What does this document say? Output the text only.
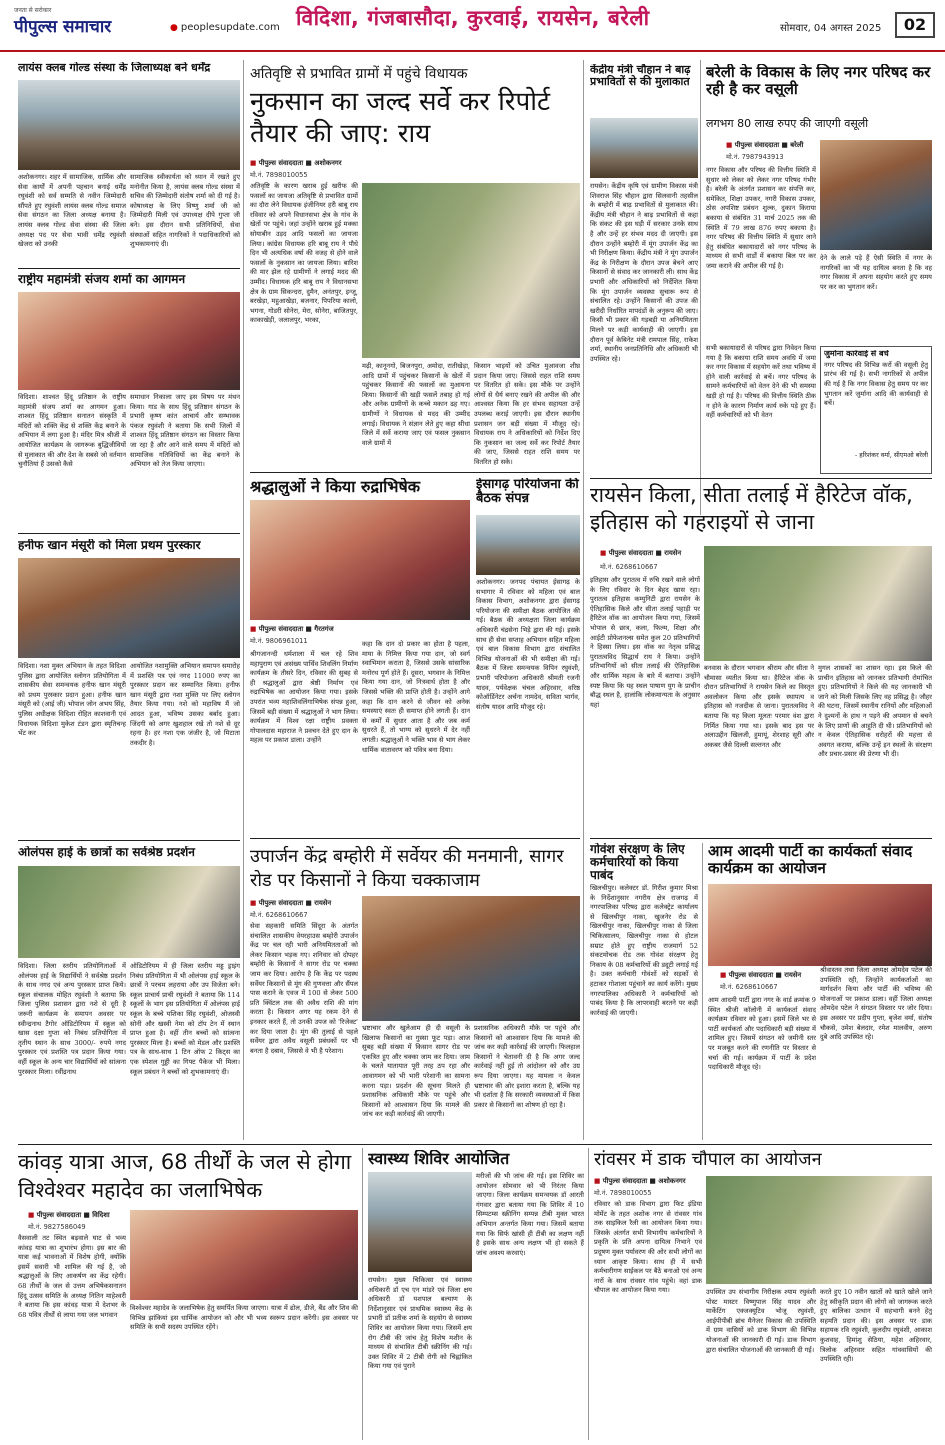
जनता से सरोकार
पीपुल्स समाचार
●	peoplesupdate.com विदिशा, गंजबासौदा, कुरवाई, रायसेन, बरेली	सोमवार, 04 अगस्त 2025	02
लायंस क्लब गोल्ड संस्था के जिलाध्यक्ष बने धर्मेंद्र
अशोकनगर। शहर में सामाजिक, धार्मिक और सेवा कार्यों में अपनी पहचान बनाई धर्मेंद्र रघुवंशी को सर्व सम्मति से नवीन जिम्मेदारी सौंपते हुए रघुवंशी लायंस क्लब गोल्ड समाज सेवा संगठन का जिला अध्यक्ष बनाया है। लायंस क्लब गोल्ड सेवा संस्था की जिला अध्यक्ष पद पर सेवा भावी धर्मेंद्र रघुवंशी खेजरा को उनकी
सामाजिक स्वीकार्यता को ध्यान में रखते हुए मनोनीत किया है, लायंस क्लब गोल्ड संस्था में सचिव की जिम्मेदारी संतोष शर्मा को दी गई है। कोषाध्यक्ष के लिए विष्णु शर्मा जी को जिम्मेदारी मिली एवं उपाध्यक्ष दीपे गुप्ता जी बने। इस दौरान सभी प्रतिनिधियों, सेवा संस्थाओं सहित नागरिकों ने पदाधिकारियों को शुभकामनाएं दी।
राष्ट्रीय महामंत्री संजय शर्मा का आगमन
विदिशा। शाश्वत हिंदू प्रतिष्ठान के राष्ट्रीय महामंत्री संजय शर्मा का आगमन हुआ। शाश्वत हिंदू प्रतिष्ठान सनातन संस्कृति में मंदिरों को शक्ति केंद्र से शक्ति केंद्र बनाने के अभियान में लगा हुआ है। मंदिर मित्र श्रीजी में आयोजित कार्यक्रम के जागरूक बुद्धिजीवियों से मुलाकात की और देश के सबसे जो वर्तमान चुनौतियां हैं उसको कैसे
समाधान निकाला जाए इस विषय पर मंथन किया। गाड के साथ हिंदू प्रतिष्ठान संगठन के प्रभारी कृष्ण कांत आचार्य और सम्भावक पंकज रघुवंशी ने बताया कि सभी जिलों में शाश्वत हिंदू प्रतिष्ठान संगठन का विस्तार किया जा रहा है और आने वाले समय में मंदिरों को सामाजिक गतिविधियों का केंद्र बनाने के अभियान को तेज किया जाएगा।
हनीफ खान मंसूरी को मिला प्रथम पुरस्कार
विदिशा। नशा मुक्त अभियान के तहत विदिशा पुलिस द्वारा आयोजित स्लोगन प्रतियोगिता में शासकीय सेवा समन्वयक हनीफ खान मंसूरी को प्रथम पुरस्कार प्रदान हुआ। हनीफ खान मंसूरी को (आई जी) भोपाल जोन अभय सिंह, पुलिस अधीक्षक विदिशा रोहित काशवानी एवं विधायक विदिशा मुकेश टंडन द्वारा स्मृतिचन्ह भेंट कर
आयोजित नशामुक्ति अभियान समापन समारोह में प्रशस्ति पत्र एवं नगद 11000 रुपए का पुरस्कार प्रदान कर सम्मानित किया। हनीफ खान मंसूरी द्वारा नशा मुक्ति पर लिए स्लोगन तैयार किया गया। नशे को महाविष मैं जो आदत हुआ, भविष्य उसका बर्बाद हुआ। जिंदगी को अगर खुशहाल रखे तो नशे से दूर रहना है। हर नशा एक जंजीर है, जो मिटाता तकदीर है।
ओलंपस हाई के छात्रों का सर्वश्रेष्ठ प्रदर्शन
विदिशा। जिला स्तरीय प्रतियोगिताओं में ओलंपस हाई के विद्यार्थियों ने सर्वश्रेष्ठ प्रदर्शन के साथ नगद एवं अन्य पुरस्कार प्राप्त किये। स्कूल संचालक मोहित रघुवंशी ने बताया कि जिला पुलिस प्रशासन द्वारा नशे से दूरी है जरूरी कार्यक्रम के समापन अवसर पर स्वीन्द्रनाथ टैगोर ऑडिटोरियम में स्कूल को खास दक्षा गुप्ता को निबंध प्रतियोगिता में तृतीय स्थान के साथ 3000/- रुपये नगद पुरस्कार एवं प्रशस्ति पत्र प्रदान किया गया। वहीं स्कूल के अन्य चार विद्यार्थियों को सांत्वना पुरस्कार मिला। रवींद्रनाथ
ऑडिटोरियम में ही जिला स्तरीय मड्ड ड्राइंग निबंध प्रतियोगिता में भी ओलंपस हाई स्कूल के छात्रों ने परचम लहराया और उप विजेता बने। स्कूल प्राचार्य प्राची रघुवंशी ने बताया कि 114 स्कूलों के भाग इस प्रतियोगिता में ओलंपस हाई स्कूल के बच्चे यशिका सिंह रघुवंशी, ओजस्वी सोनी और खस्वी नेमा को टॉप टेन में स्थान प्राप्त हुआ है। वहीं तीन बच्चों को सांत्वना पुरस्कार मिला है। बच्चों को मेडल और प्रशस्ति पत्र के साथ-साथ 1 टिन ऑफ 2 किट्स का एक स्पेशल गुड्डी का गिफ्ट पैकेज भी मिला। स्कूल प्रबंधन ने बच्चों को शुभकामनाएं दी।
अतिवृष्टि से प्रभावित ग्रामों में पहुंचे विधायक
नुकसान का जल्द सर्वे कर रिपोर्ट तैयार की जाए: राय
■ पीपुल्स संवाददाता ■ अशोकनगर
मो.नं. 7898010055
अतिवृष्टि के कारण खराब हुई खरीफ की फसलों का जायजा अतिवृष्टि से प्रभावित ग्रामों का दौरा लेने विधायक इंजीनियर हरी बाबू राय रविवार को अपने विधानसभा क्षेत्र के गांव के खेतों पर पहुंचे। जहां उन्होंने खराब हुई मक्का सोयाबीन उड़द आदि फसलों का जायजा लिया। कांग्रेस विधायक हरि बाबू राय ने पौधे दिन भी अत्यधिक वर्षा की वजह से होने वाले फसलों के नुकसान का जायजा लिया। बारिश की मार झेल रहे ग्रामीणों ने लगाई मदद की उम्मीद। विधायक हरि बाबू राय ने विधानसभा क्षेत्र के ग्राम सिकन्दरा, दुमैन, अनंतपुर, इन्जू, बरखेड़ा, महुआखेड़ा, बजनार, पिपरिया कालो, भगना, गोडरी सोनेरा, मेरा, सोनेरा, बाजितपुर, काकाखेड़ी, जलालपुर, भरका,
मढ़ी, कानूनगो, बिजनपुरा, अमोदा, रातीखेड़ा, आदि ग्रामों में पहुंचकर किसानों के खेतों में पहुंचकर किसानों की फसलों का मुआयना किया। किसानों की खड़ी फसलें तबाह हो गई और अनेक ग्रामीणों के कच्चे मकान ढह गए। ग्रामीणों ने विधायक से मदद की उम्मीद लगाई। विधायक ने संज्ञान लेते हुए कहा सीधा जिले में सर्वे कराया जाए एवं फसल नुकसान वाले ग्रामों में
किसान भाइयों को उचित मुआवजा शीघ्र प्रदान किया जाए। जिससे राहत राशि समय पर वितरित हो सके। इस मौके पर उन्होंने लोगों से धैर्य बनाए रखने की अपील की और आश्वस्त किया कि हर संभव सहायता उन्हें उपलब्ध कराई जाएगी। इस दौरान स्थानीय प्रशासन जन बड़ी संख्या में मौजूद रहे। विधायक राय ने अधिकारियों को निर्देश दिए कि नुकसान का जल्द सर्वे कर रिपोर्ट तैयार की जाए, जिससे राहत राशि समय पर वितरित हो सके।
श्रद्धालुओं ने किया रुद्राभिषेक
■ पीपुल्स संवाददाता ■ गैरतगंज
मो.नं. 9806961011
श्रीगजानन्दी धर्मशाला में चल रहे शिव महापुराण एवं असंख्य पार्थिव शिवलिंग निर्माण कार्यक्रम के तीसरे दिन, रविवार की सुबह से ही श्रद्धालुओं द्वारा श्रेष्ठी निर्माण एवं रुद्राभिषेक का आयोजन किया गया। इसके उपरांत भव्य महाशिवलिंगाभिषेक संपन्न हुआ, जिसमें बड़ी संख्या में श्रद्धालुओं ने भाग लिया। कार्यक्रम में विश्व रक्षा राष्ट्रीय प्रवक्ता गोपालदास महाराज ने प्रवचन देते हुए दान के महत्व पर प्रकाश डाला। उन्होंने
कहा कि दान दो प्रकार का होता है पहला, माया के निमित्त किया गया दान, जो स्वर्ग स्वाभिमान कराता है, जिससे उसके सांसारिक मनोरथ पूर्ण होते हैं। दूसरा, भगवान के निमित्त किया गया दान, जो निःस्वार्थ होता है और जिससे भक्ति की प्राप्ति होती है। उन्होंने आगे कहा कि दान करने से जीवन को अनेक समस्याएं स्वतः ही समाप्त होने लगती हैं। दान से कर्मों में सुधार आता है और जब कर्म सुधरते हैं, तो भाग्य को सुधरने में देर नहीं लगती। श्रद्धालुओं ने भक्ति भाव से भाग लेकर धार्मिक वातावरण को पवित्र बना दिया।
ईसागढ़ परियोजना की बैठक संपन्न
अशोकनगर। जनपद पंचायत ईसागढ़ के सभागार में रविवार को महिला एवं बाल विकास विभाग, अशोकनगर द्वारा ईसागढ़ परियोजना की समीक्षा बैठक आयोजित की गई। बैठक की अध्यक्षता जिला कार्यक्रम अधिकारी चंद्रसेना भिड़े द्वारा की गई। इसके साथ ही सेवा सप्ताह अभियान सहित महिला एवं बाल विकास विभाग द्वारा संचालित विभिन्न योजनाओं की भी समीक्षा की गई। बैठक में जिला समन्वयक विपिन रघुवंशी, प्रभारी परियोजना अधिकारी श्रीमती रजनी यादव, पर्यवेक्षक चंचल अहिरवार, वरिष्ठ कोऑर्डिनेटर अर्चना नामदेव, सविता भार्गव, संतोष यादव आदि मौजूद रहे।
उपार्जन केंद्र बम्होरी में सर्वेयर की मनमानी, सागर रोड पर किसानों ने किया चक्काजाम
■ पीपुल्स संवाददाता ■ रायसेन
मो.नं. 6268610667
सेवा सहकारी समिति सिंदूरा के अंतर्गत संचालित शासकीय वेयरहाउस बम्होरी उपार्जन केंद्र पर चल रही भारी अनियमितताओं को लेकर किसान भड़क गए। शनिवार को दोपहर बम्होरी के किसानों ने सागर रोड पर चक्का जाम कर दिया। आरोप है कि केंद्र पर पदस्थ सर्वेयर किसानों से मूंग की गुणवत्ता और सैंपल पास कराने के एवज में 100 से लेकर 500 प्रति क्विंटल तक की अवैध राशि की मांग करता है। किसान अगर यह रकम देने से इनकार करते हैं, तो उनकी उपज को 'रिजेक्ट' कर दिया जाता है। मूंग की तुलाई से पहले सर्वेयर द्वारा अवैध वसूली प्रबंधकों पर भी बनता है दबाव, जिससे वे भी है परेशान।
भ्रष्टाचार और खुलेआम ही दी वसूली के खिलाफ किसानों का गुस्सा फूट पड़ा। आज सुबह बड़ी संख्या में किसान सागर रोड पर एकत्रित हुए और चक्का जाम कर दिया। जाम के चलते यातायात पूरी तरह ठप रहा और आवागमन को भी भारी परेशानी का सामना करना पड़ा। प्रदर्शन की सूचना मिलते ही प्रशासनिक अधिकारी मौके पर पहुंचे और किसानों को आश्वासन दिया कि मामले की जांच कर कड़ी कार्रवाई की जाएगी।
प्रशासनिक अधिकारी मौके पर पहुंचे और किसानों को आश्वासन दिया कि मामले की जांच कर कड़ी कार्रवाई की जाएगी। फिलहाल किसानों ने चेतावनी दी है कि अगर जल्द कार्रवाई नहीं हुई तो आंदोलन को और उग्र रूप दिया जाएगा। यह मामला न केवल भ्रष्टाचार की ओर इशारा करता है, बल्कि यह भी दर्शाता है कि सरकारी व्यवस्थाओं में किस प्रकार से किसानों का शोषण हो रहा है।
केंद्रीय मंत्री चौहान ने बाढ़ प्रभावितों से की मुलाकात
रायसेन। केंद्रीय कृषि एवं ग्रामीण विकास मंत्री शिवराज सिंह चौहान द्वारा सिलवानी तहसील के बम्होरी में बाढ़ प्रभावितों से मुलाकात की। केंद्रीय मंत्री चौहान ने बाढ़ प्रभावितों से कहा कि संकट की इस घड़ी में सरकार उनके साथ है और उन्हें हर संभव मदद दी जाएगी। इस दौरान उन्होंने बम्होरी में मूंग उपार्जन केंद्र का भी निरीक्षण किया। केंद्रीय मंत्री ने मूंग उपार्जन केंद्र के निरीक्षण के दौरान उपज बेचने आए किसानों से संवाद कर जानकारी ली। साथ केंद्र प्रभारी और अधिकारियों को निर्देशित किया कि मूंग उपार्जन व्यवस्था सुचारू रूप से संचालित रहे। उन्होंने किसानों की उपज की खरीदी निर्धारित मापदंडों के अनुरूप की जाए। किसी भी प्रकार की गड़बड़ी या अनियमितता मिलने पर कड़ी कार्यवाही की जाएगी। इस दौरान पूर्व केबिनेट मंत्री रामपाल सिंह, राकेश शर्मा, स्थानीय जनप्रतिनिधि और अधिकारी भी उपस्थित रहे।
बरेली के विकास के लिए नगर परिषद कर रही है कर वसूली
लगभग 80 लाख रुपए की जाएगी वसूली
■ पीपुल्स संवाददाता ■ बरेली
मो.नं. 7987943913
नगर विकास और परिषद की वित्तीय स्थिति में सुधार को लेकर को लेकर नगर परिषद गंभीर है। बरेली के अंतर्गत प्रशासन कर संपत्ति कर, समेकित, शिक्षा उपकर, नगरी विकास उपकर, ठोस अपशिष्ट प्रबंधन शुल्क, दुकान किराया बकाया से संबंधित 31 मार्च 2025 तक की स्थिति में 79 लाख 876 रुपए बकाया है। नगर परिषद की वित्तीय स्थिति में सुधार लाने हेतु संबंधित बकायादारों को नगर परिषद के माध्यम से सभी वार्डों में बकाया बिल पर कर जमा कराने की अपील की गई है।
देने के लाले पड़े हैं ऐसी स्थिति में नगर के नागरिकों का भी यह दायित्व बनता है कि वह नगर विकास में अपना सहयोग करते हुए समय पर कर का भुगतान करें।
सभी बकायादारों से परिषद द्वारा निवेदन किया गया है कि बकाया राशि समय अवधि में जमा कर नगर विकास में सहयोग करें तथा भविष्य में होने वाली कार्रवाई से बचें। नगर परिषद के सामने कर्मचारियों को वेतन देने की भी समस्या खड़ी हो गई है। परिषद की वित्तीय स्थिति ठीक न होने के कारण निर्माण कार्य रुके पड़े हुए हैं। वहीं कर्मचारियों को भी वेतन
जुर्माना कार्रवाई से बचें
नगर परिषद की विभिन्न करों की वसूली हेतु प्रारंभ की गई है। सभी नागरिकों से अपील की गई है कि नगर विकास हेतु समय पर कर भुगतान करें जुर्माना आदि की कार्यवाही से बचें।
- हरिशंकर वर्मा, सीएमओ बरेली
रायसेन किला, सीता तलाई में हैरिटेज वॉक, इतिहास को गहराइयों से जाना
■ पीपुल्स संवाददाता ■ रायसेन
मो.नं. 6268610667
इतिहास और पुरातत्व में रुचि रखने वाले लोगों के लिए रविवार के दिन बेहद खास रहा। पुरातत्व इतिहास कम्युनिटी द्वारा रायसेन के ऐतिहासिक किले और सीता तलाई पहाड़ी पर हैरिटेज वॉक का आयोजन किया गया, जिसमें भोपाल से छात्र, कला, फिल्म, शिक्षा और आईटी प्रोफेशनल्स समेत कुल 20 प्रतिभागियों ने हिस्सा लिया। इस वॉक का नेतृत्व प्रसिद्ध पुरातत्वविद सिद्धार्थ राय ने किया। उन्होंने प्रतिभागियों को सीता तलाई की ऐतिहासिक और धार्मिक महत्व के बारे में बताया। उन्होंने स्पष्ट किया कि यह स्थल पाषाण युग के प्राचीन बौद्ध स्थल है, हालांकि लोकमान्यता के अनुसार यहां
बनवास के दौरान भगवान श्रीराम और सीता ने चौमासा व्यतीत किया था। हैरिटेज वॉक के दौरान प्रतिभागियों ने रायसेन किले का विस्तृत अवलोकन किया और इसके स्थापत्य व इतिहास को नजदीक से जाना। पुरातत्वविद ने बताया कि यह किला मूलतः परमार वंश द्वारा निर्मित किया गया था। इसके बाद इस पर अलाउद्दीन खिलजी, हुमायूं, शेरशाह सूरी और अकबर जैसे दिल्ली सल्तनत और
मुगल शासकों का शासन रहा। इस किले की प्राचीन इतिहास को जानकर प्रतिभागी रोमांचित हुए। प्रतिभागियों ने किले की यह जानकारी भी जाने को मिली जिसके लिए वह प्रसिद्ध है। जौहर की घटना, जिसमें स्थानीय रानियों और महिलाओं ने दुश्मनों के हाथ न पड़ने की अपमान से बचने के लिए प्राणों की आहुति दी थी। प्रतिभागियों को न केवल ऐतिहासिक धरोहरों की महत्ता से अवगत कराया, बल्कि उन्हें इन स्थलों के संरक्षण और प्रचार-प्रसार की प्रेरणा भी दी।
गोवंश संरक्षण के लिए कर्मचारियों को किया पाबंद
खिलचीपुर। कलेक्टर डॉ. गिरीश कुमार मिश्रा के निर्देशानुसार नगरीय क्षेत्र राजगढ़ में नगरपालिका परिषद द्वारा कलेक्ट्रेट कार्यालय से खिलचीपुर नाका, खुजनेर रोड से खिलचीपुर नाका, खिलचीपुर नाका से जिला चिकित्सालय, खिलचीपुर नाका से होटल सम्राट होते हुए राष्ट्रीय राजमार्ग 52 संकटमोचक रोड तक गोवंश संरक्षण हेतु निकाय के 08 कर्मचारियों की ड्यूटी लगाई गई है। उक्त कर्मचारी गोवंशों को सड़कों से हटाकर गोशाला पहुंचाने का कार्य करेंगे। मुख्य नगरपालिका अधिकारी ने कर्मचारियों को पाबंद किया है कि लापरवाही बरतने पर कड़ी कार्रवाई की जाएगी।
आम आदमी पार्टी का कार्यकर्ता संवाद कार्यक्रम का आयोजन
■ पीपुल्स संवाददाता ■ रायसेन
मो.नं. 6268610667
आम आदमी पार्टी द्वारा नगर के वार्ड क्रमांक 9 स्थित श्रीजी कॉलोनी में कार्यकर्ता संवाद कार्यक्रम रविवार को हुआ। इसमें जिले भर से पार्टी कार्यकर्ता और पदाधिकारी बड़ी संख्या में शामिल हुए। जिसमें संगठन को जमीनी स्तर पर मजबूत करने की रणनीति पर विस्तार से चर्चा की गई। कार्यक्रम में पार्टी के प्रदेश पदाधिकारी मौजूद रहे।
श्रीवास्तव तथा जिला अध्यक्ष ओमदेव पटेल की उपस्थिति रही, जिन्होंने कार्यकर्ताओं का मार्गदर्शन किया और पार्टी की भविष्य की योजनाओं पर प्रकाश डाला। वहीं जिला अध्यक्ष ओमदेव पटेल ने संगठन विस्तार पर जोर दिया। इस अवसर पर प्रदीप गुप्ता, बृजेश वर्मा, संतोष चौकसे, उमेश बेलदार, रमेश मालवीय, अरुण दुबे आदि उपस्थित रहे।
कांवड़ यात्रा आज, 68 तीर्थों के जल से होगा विश्वेश्वर महादेव का जलाभिषेक
■ पीपुल्स संवाददाता ■ विदिशा
मो.नं. 9827586049
वैसवाली तट स्थित बढ़वाले घाट से भव्य कांवड़ यात्रा का शुभारंभ होगा। इस बार की यात्रा कई भावनाओं में विशेष होगी, क्योंकि इसमें सवारी भी शामिल की गई है, जो श्रद्धालुओं के लिए आकर्षण का केंद्र रहेगी। 68 तीर्थों के जल से उत्तम अभिषेकसनातन हिंदू उत्सव समिति के अध्यक्ष नितिन माहेश्वरी ने बताया कि इस कांवड़ यात्रा में देशभर के 68 पवित्र तीर्थों से लाया गया जल भगवान
विश्वेश्वर महादेव के जलाभिषेक हेतु समर्पित किया जाएगा। यात्रा में ढोल, डीजे, बैंड और शिव की विभिन्न झांकियां इस धार्मिक आयोजन को और भी भव्य स्वरूप प्रदान करेंगी। इस अवसर पर समिति के सभी सदस्य उपस्थित रहेंगे।
स्वास्थ्य शिविर आयोजित
रायसेन। मुख्य चिकित्सा एवं स्वास्थ्य अधिकारी डॉ एच एन मांडरे एवं जिला क्षय अधिकारी डॉ यशपाल बल्याण के निर्देशानुसार एवं प्राथमिक स्वास्थ्य केंद्र के प्रभारी डॉ प्रतीक शर्मा के सहयोग से स्वास्थ्य शिविर का आयोजन किया गया। जिसमें क्षय रोग टीबी की जांच हेतु विशेष मशीन के माध्यम से संभावित टीबी स्क्रीनिंग की गई। उक्त शिविर में 2 टीबी रोगी को चिह्नांकित किया गया एवं पुराने
मरीजों की भी जांच की गई। इस शिविर का आयोजन सोमवार को भी निरंतर किया जाएगा। जिला कार्यक्रम समन्वयक डॉ आरती गंगवार द्वारा बताया गया कि शिविर में 10 सिम्पटम्स स्क्रीनिंग सम्पन्न टीबी मुक्त भारत अभियान अन्तर्गत किया गया। जिसमें बताया गया कि सिर्फ खांसी ही टीबी का लक्षण नहीं है इसके साथ अन्य लक्षण भी हो सकते हैं जांच अवश्य करवाएं।
रांवसर में डाक चौपाल का आयोजन
■ पीपुल्स संवाददाता ■ अशोकनगर
मो.नं. 7898010055
रविवार को डाक विभाग द्वारा फिट इंडिया मोमेंट के तहत अशोक नगर से रांवसर गांव तक साइकिल रैली का आयोजन किया गया। जिसके अंतर्गत सभी विभागीय कर्मचारियों ने प्रकृति के प्रति अपना दायित्व निभाने एवं प्रदूषण मुक्त पर्यावरण की ओर सभी लोगों का ध्यान आकृष्ट किया। साथ ही में सभी कर्मचारीगण साईकल पर बैठे बनाओ एवं अन्य नारों के साथ रांवसर गांव पहुंचे। वहां डाक चौपाल का आयोजन किया गया।	उपस्थित उप संभागीय निरीक्षक श्याम रघुवंशी पोस्ट मास्टर विष्णुपाल सिंह यादव और मार्केटिंग एक्जक्यूटिव भोजू रघुवंशी, आईपीपीबी ब्रांच मैनेजर विकास की उपस्थिति में ग्राम वासियों को डाक विभाग की विभिन्न योजनाओं की जानकारी दी गई। डाक विभाग द्वारा संचालित योजनाओं की जानकारी दी गई।
करते हुए 10 नवीन खातों को खाते खोले जाने हेतु स्वीकृति प्रदान की लोगों को जागरूक करते हुए बालिका उत्थान में सहभागी बनने हेतु सहमति प्रदान की। इस अवसर पर डाक सहायक रवि रघुवंशी, कुलदीप रघुवंशी, आकाश कुशवाह, हिमांशु सेठिया, महेश अहिरवार, त्रिलोक अहिरवार सहित गांववासियों की उपस्थिति रही।
